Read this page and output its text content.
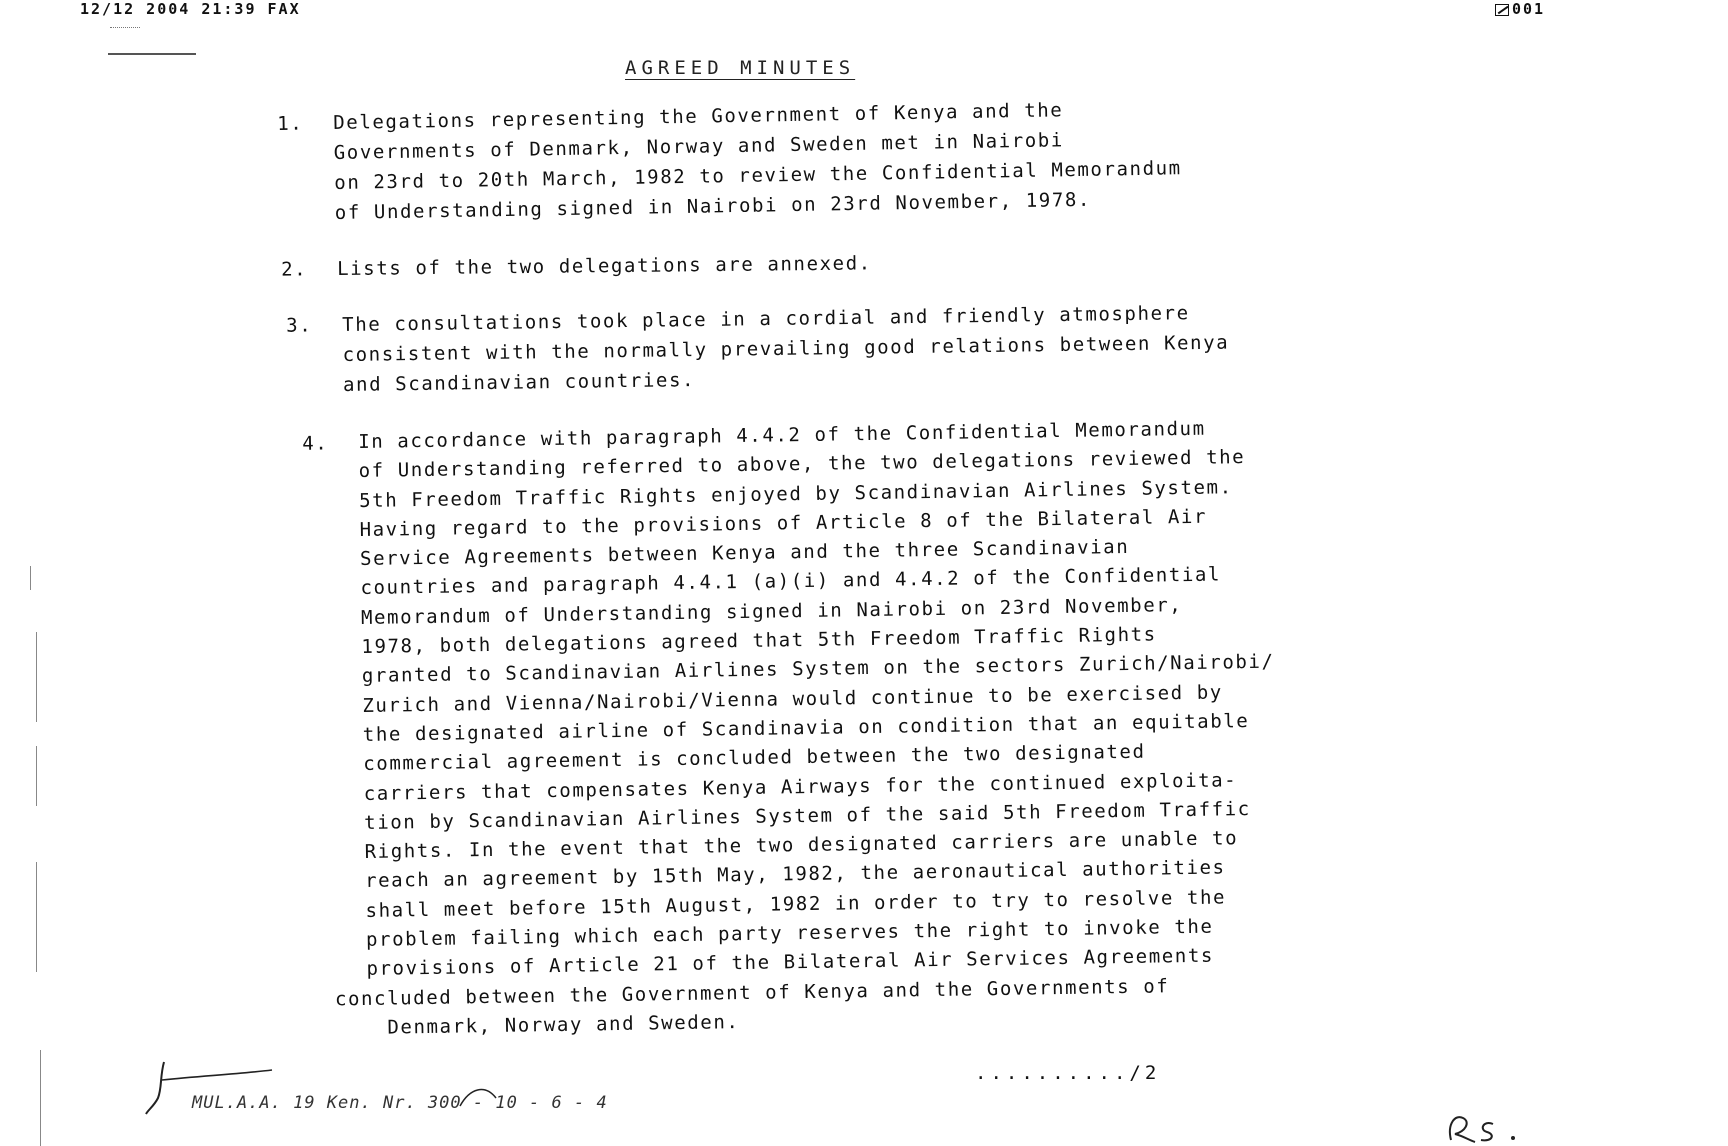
12/12 2004 21:39 FAX	001
AGREED MINUTES
1. Delegations representing the Government of Kenya and the
Governments of Denmark, Norway and Sweden met in Nairobi
on 23rd to 20th March, 1982 to review the Confidential Memorandum
of Understanding signed in Nairobi on 23rd November, 1978.
2. Lists of the two delegations are annexed.
3. The consultations took place in a cordial and friendly atmosphere
consistent with the normally prevailing good relations between Kenya
and Scandinavian countries.
4. In accordance with paragraph 4.4.2 of the Confidential Memorandum
of Understanding referred to above, the two delegations reviewed the
5th Freedom Traffic Rights enjoyed by Scandinavian Airlines System.
Having regard to the provisions of Article 8 of the Bilateral Air
Service Agreements between Kenya and the three Scandinavian
countries and paragraph 4.4.1 (a)(i) and 4.4.2 of the Confidential
Memorandum of Understanding signed in Nairobi on 23rd November,
1978, both delegations agreed that 5th Freedom Traffic Rights
granted to Scandinavian Airlines System on the sectors Zurich/Nairobi/
Zurich and Vienna/Nairobi/Vienna would continue to be exercised by
the designated airline of Scandinavia on condition that an equitable
commercial agreement is concluded between the two designated
carriers that compensates Kenya Airways for the continued exploita-
tion by Scandinavian Airlines System of the said 5th Freedom Traffic
Rights. In the event that the two designated carriers are unable to
reach an agreement by 15th May, 1982, the aeronautical authorities
shall meet before 15th August, 1982 in order to try to resolve the
problem failing which each party reserves the right to invoke the
provisions of Article 21 of the Bilateral Air Services Agreements
concluded between the Government of Kenya and the Governments of
Denmark, Norway and Sweden.
........../2
MUL.A.A. 19 Ken. Nr. 300 - 10 - 6 - 4
